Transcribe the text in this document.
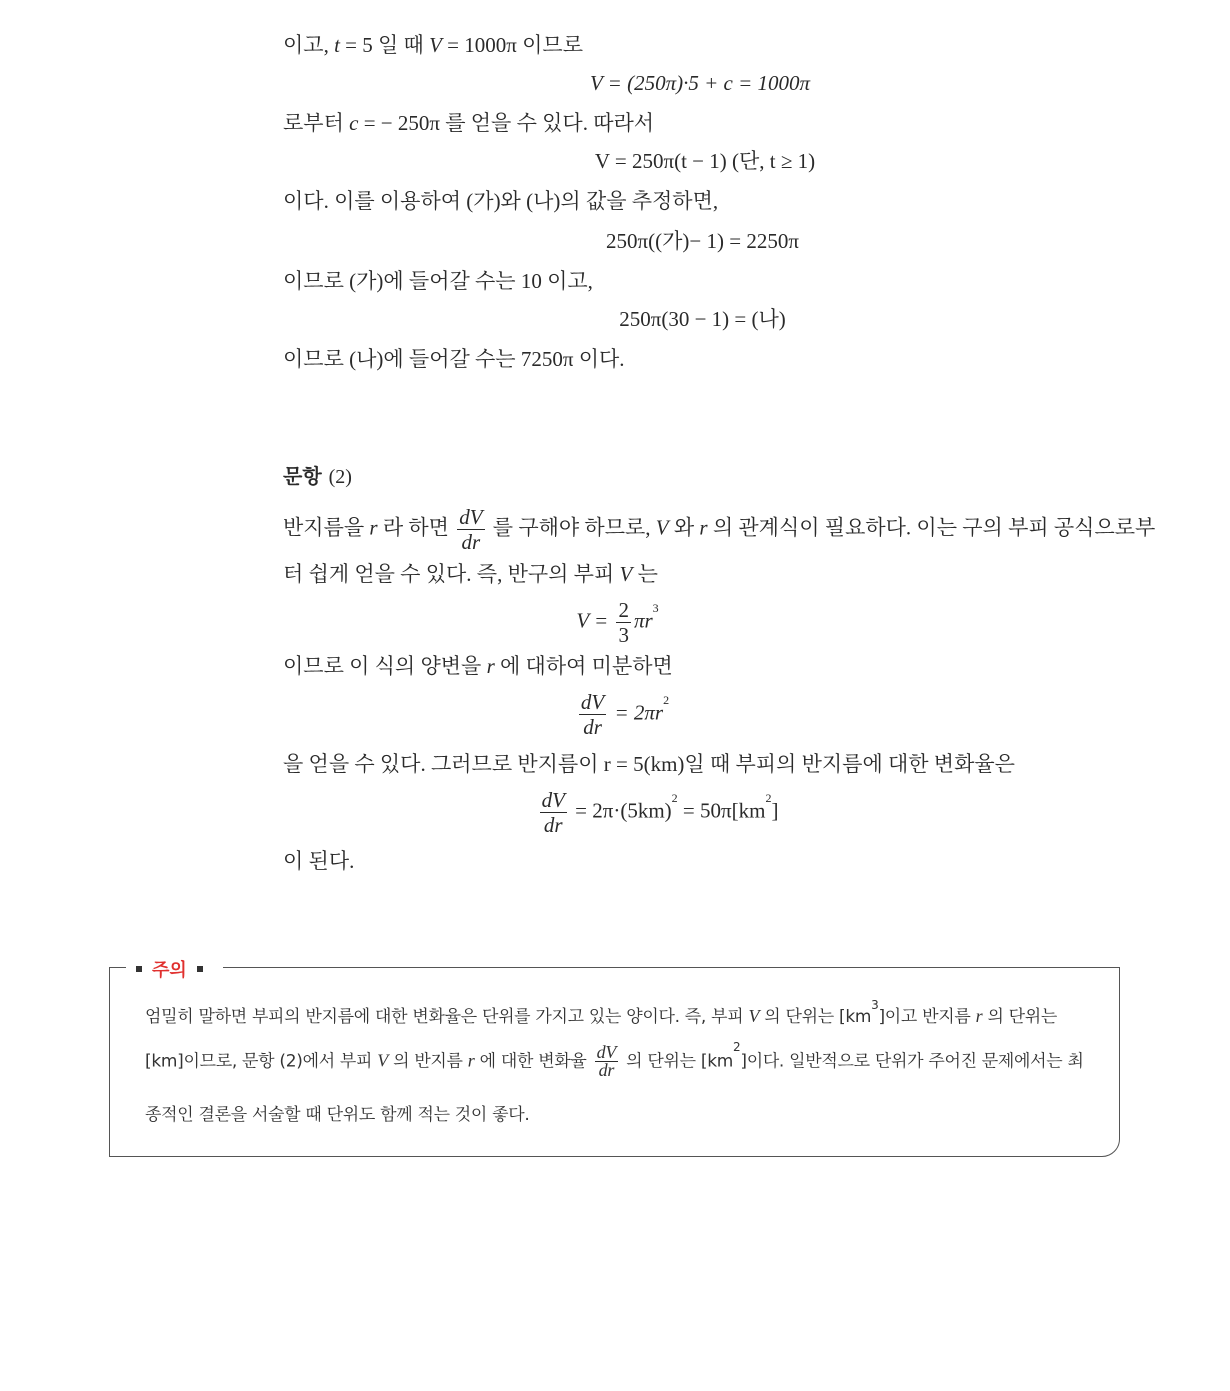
이고, t = 5 일 때 V = 1000π 이므로
V = (250π)·5 + c = 1000π
로부터 c = − 250π 를 얻을 수 있다. 따라서
V = 250π(t − 1) (단, t ≥ 1)
이다. 이를 이용하여 (가)와 (나)의 값을 추정하면,
250π((가)− 1) = 2250π
이므로 (가)에 들어갈 수는 10 이고,
250π(30 − 1) = (나)
이므로 (나)에 들어갈 수는 7250π 이다.
문항 (2)
반지름을 r 라 하면 $\frac{dV}{dr}$ 를 구해야 하므로, V 와 r 의 관계식이 필요하다. 이는 구의 부피 공식으로부
터 쉽게 얻을 수 있다. 즉, 반구의 부피 V 는
$V = \frac{2}{3} \pi r^3$
이므로 이 식의 양변을 r 에 대하여 미분하면
$\frac{dV}{dr} = 2\pi r^2$
을 얻을 수 있다. 그러므로 반지름이 r = 5(km)일 때 부피의 반지름에 대한 변화율은
$\frac{dV}{dr} = 2\pi\cdot(5km)^2 = 50\pi[km^2]$
이 된다.
주의
엄밀히 말하면 부피의 반지름에 대한 변화율은 단위를 가지고 있는 양이다. 즉, 부피 V 의 단위는 $[km^3]$이고 반지름 r 의 단위는
[km]이므로, 문항 (2)에서 부피 V 의 반지름 r 에 대한 변화율 $\frac{dV}{dr}$ 의 단위는 $[km^2]$이다. 일반적으로 단위가 주어진 문제에서는 최
종적인 결론을 서술할 때 단위도 함께 적는 것이 좋다.
